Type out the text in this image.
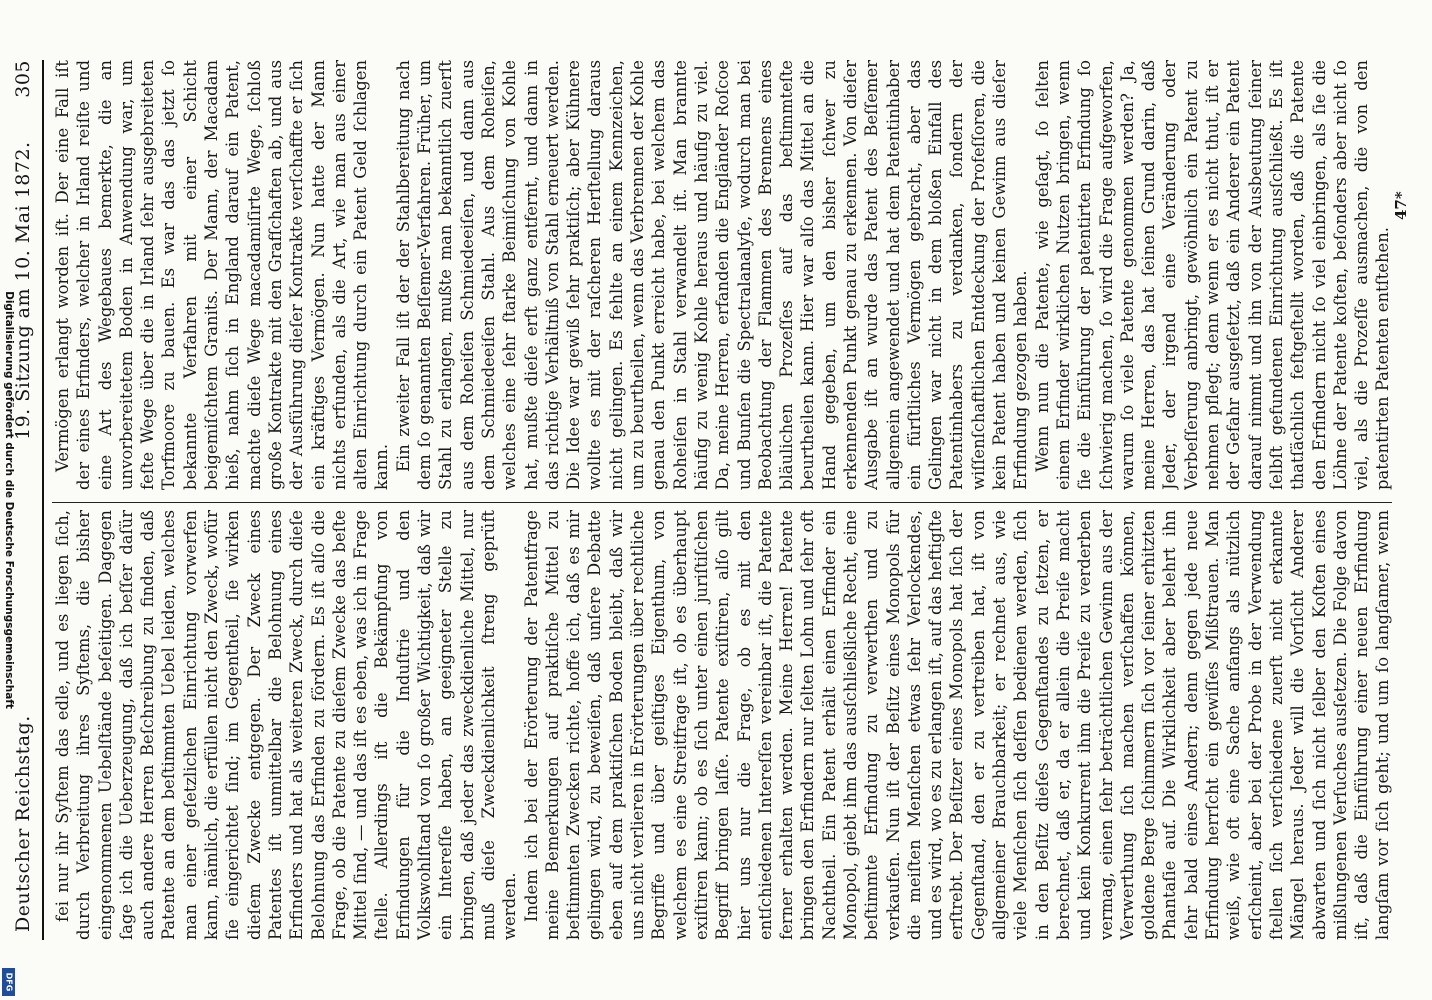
Deutscher Reichstag.
19. Sitzung am 10. Mai 1872.
305

fei nur ihr Syſtem das edle, und es liegen ſich, durch Verbreitung ihres Syſtems, die bisher eingenommenen Uebelſtände beſeitigen. Dagegen ſage ich die Ueberzeugung, daß ich beſſer daſür auch andere Herren Beſchreibung zu finden, daß Patente an dem beſtimmten Uebel leiden, welches man einer geſetzlichen Einrichtung vorwerfen kann, nämlich, die erfüllen nicht den Zweck, wofür ſie eingerichtet ſind; im Gegentheil, ſie wirken dieſem Zwecke entgegen. Der Zweck eines Patentes iſt unmittelbar die Belohnung eines Erfinders und hat als weiteren Zweck, durch dieſe Belohnung das Erfinden zu fördern. Es iſt alſo die Frage, ob die Patente zu dieſem Zwecke das beſte Mittel ſind, — und das iſt es eben, was ich in Frage ſtelle. Allerdings iſt die Bekämpfung von Erfindungen für die Induſtrie und den Volkswohlſtand von ſo großer Wichtigkeit, daß wir ein Intereſſe haben, an geeigneter Stelle zu bringen, daß jeder das zweckdienliche Mittel, nur muß dieſe Zweckdienlichkeit ſtreng geprüft werden. Indem ich bei der Erörterung der Patentfrage meine Bemerkungen auf praktiſche Mittel zu beſtimmten Zwecken richte, hoffe ich, daß es mir gelingen wird, zu beweiſen, daß unſere Debatte eben auf dem praktiſchen Boden bleibt, daß wir uns nicht verlieren in Erörterungen über rechtliche Begriffe und über geiſtiges Eigenthum, von welchem es eine Streitfrage iſt, ob es überhaupt exiſtiren kann; ob es ſich unter einen juriſtiſchen Begriff bringen laſſe. Patente exiſtiren, alſo gilt hier uns nur die Frage, ob es mit den entſchiedenen Intereſſen vereinbar iſt, die Patente ferner erhalten werden. Meine Herren! Patente bringen den Erfindern nur ſelten Lohn und ſehr oft Nachtheil. Ein Patent erhält einen Erfinder ein Monopol, giebt ihm das ausſchließliche Recht, eine beſtimmte Erfindung zu verwerthen und zu verkaufen. Nun iſt der Beſitz eines Monopols für die meiſten Menſchen etwas ſehr Verlockendes, und es wird, wo es zu erlangen iſt, auf das heftigſte erſtrebt. Der Beſitzer eines Monopols hat ſich der Gegenſtand, den er zu vertreiben hat, iſt von allgemeiner Brauchbarkeit; er rechnet aus, wie viele Menſchen ſich deſſen bedienen werden, ſich in den Beſitz dieſes Gegenſtandes zu ſetzen, er berechnet, daß er, da er allein die Preiſe macht und kein Konkurrent ihm die Preiſe zu verderben vermag, einen ſehr beträchtlichen Gewinn aus der Verwerthung ſich machen verſchaffen können, goldene Berge ſchimmern ſich vor ſeiner erhitzten Phantaſie auf. Die Wirklichkeit aber belehrt ihn ſehr bald eines Andern; denn gegen jede neue Erfindung herrſcht ein gewiſſes Mißtrauen. Man weiß, wie oft eine Sache anfangs als nützlich erſcheint, aber bei der Probe in der Verwendung ſtellen ſich verſchiedene zuerſt nicht erkannte Mängel heraus. Jeder will die Vorſicht Anderer abwarten und ſich nicht ſelber den Koſten eines mißlungenen Verſuches ausſetzen. Die Folge davon iſt, daß die Einführung einer neuen Erfindung langſam vor ſich geht; und um ſo langſamer, wenn

Vermögen erlangt worden iſt. Der eine Fall iſt der eines Erfinders, welcher in Irland reiſte und eine Art des Wegebaues bemerkte, die an unvorbereitetem Boden in Anwendung war, um feſte Wege über die in Irland ſehr ausgebreiteten Torfmoore zu bauen. Es war das das jetzt ſo bekannte Verfahren mit einer Schicht beigemiſchtem Granits. Der Mann, der Macadam hieß, nahm ſich in England darauf ein Patent, machte dieſe Wege macadamiſirte Wege, ſchloß große Kontrakte mit den Grafſchaften ab, und aus der Ausführung dieſer Kontrakte verſchaffte er ſich ein kräftiges Vermögen. Nun hatte der Mann nichts erfunden, als die Art, wie man aus einer alten Einrichtung durch ein Patent Geld ſchlagen kann. Ein zweiter Fall iſt der der Stahlbereitung nach dem ſo genannten Beſſemer-Verfahren. Früher, um Stahl zu erlangen, mußte man bekanntlich zuerſt aus dem Roheiſen Schmiedeeiſen, und dann aus dem Schmiedeeiſen Stahl. Aus dem Roheiſen, welches eine ſehr ſtarke Beimiſchung von Kohle hat, mußte dieſe erſt ganz entfernt, und dann in das richtige Verhältniß von Stahl erneuert werden. Die Idee war gewiß ſehr praktiſch; aber Kühnere wollte es mit der raſcheren Herſtellung daraus nicht gelingen. Es fehlte an einem Kennzeichen, um zu beurtheilen, wenn das Verbrennen der Kohle genau den Punkt erreicht habe, bei welchem das Roheiſen in Stahl verwandelt iſt. Man brannte häufig zu wenig Kohle heraus und häufig zu viel. Da, meine Herren, erfanden die Engländer Roſcoe und Bunſen die Spectralanalyſe, wodurch man bei Beobachtung der Flammen des Brennens eines bläulichen Prozeſſes auf das beſtimmteſte beurtheilen kann. Hier war alſo das Mittel an die Hand gegeben, um den bisher ſchwer zu erkennenden Punkt genau zu erkennen. Von dieſer Ausgabe iſt an wurde das Patent des Beſſemer allgemein angewendet und hat dem Patentinhaber ein fürſtliches Vermögen gebracht, aber das Gelingen war nicht in dem bloßen Einfall des Patentinhabers zu verdanken, ſondern der wiſſenſchaftlichen Entdeckung der Profeſſoren, die kein Patent haben und keinen Gewinn aus dieſer Erfindung gezogen haben. Wenn nun die Patente, wie geſagt, ſo ſelten einem Erfinder wirklichen Nutzen bringen, wenn ſie die Einführung der patentirten Erfindung ſo ſchwierig machen, ſo wird die Frage aufgeworfen, warum ſo viele Patente genommen werden? Ja, meine Herren, das hat ſeinen Grund darin, daß Jeder, der irgend eine Veränderung oder Verbeſſerung anbringt, gewöhnlich ein Patent zu nehmen pflegt; denn wenn er es nicht thut, iſt er der Gefahr ausgeſetzt, daß ein Anderer ein Patent darauf nimmt und ihn von der Ausbeutung ſeiner ſelbſt gefundenen Einrichtung ausſchließt. Es iſt thatſächlich feſtgeſtellt worden, daß die Patente den Erfindern nicht ſo viel einbringen, als ſie die Löhne der Patente koſten, beſonders aber nicht ſo viel, als die Prozeſſe ausmachen, die von den patentirten Patenten entſtehen.

47*
Digitalisierung gefördert durch die Deutsche Forschungsgemeinschaft
DFG
